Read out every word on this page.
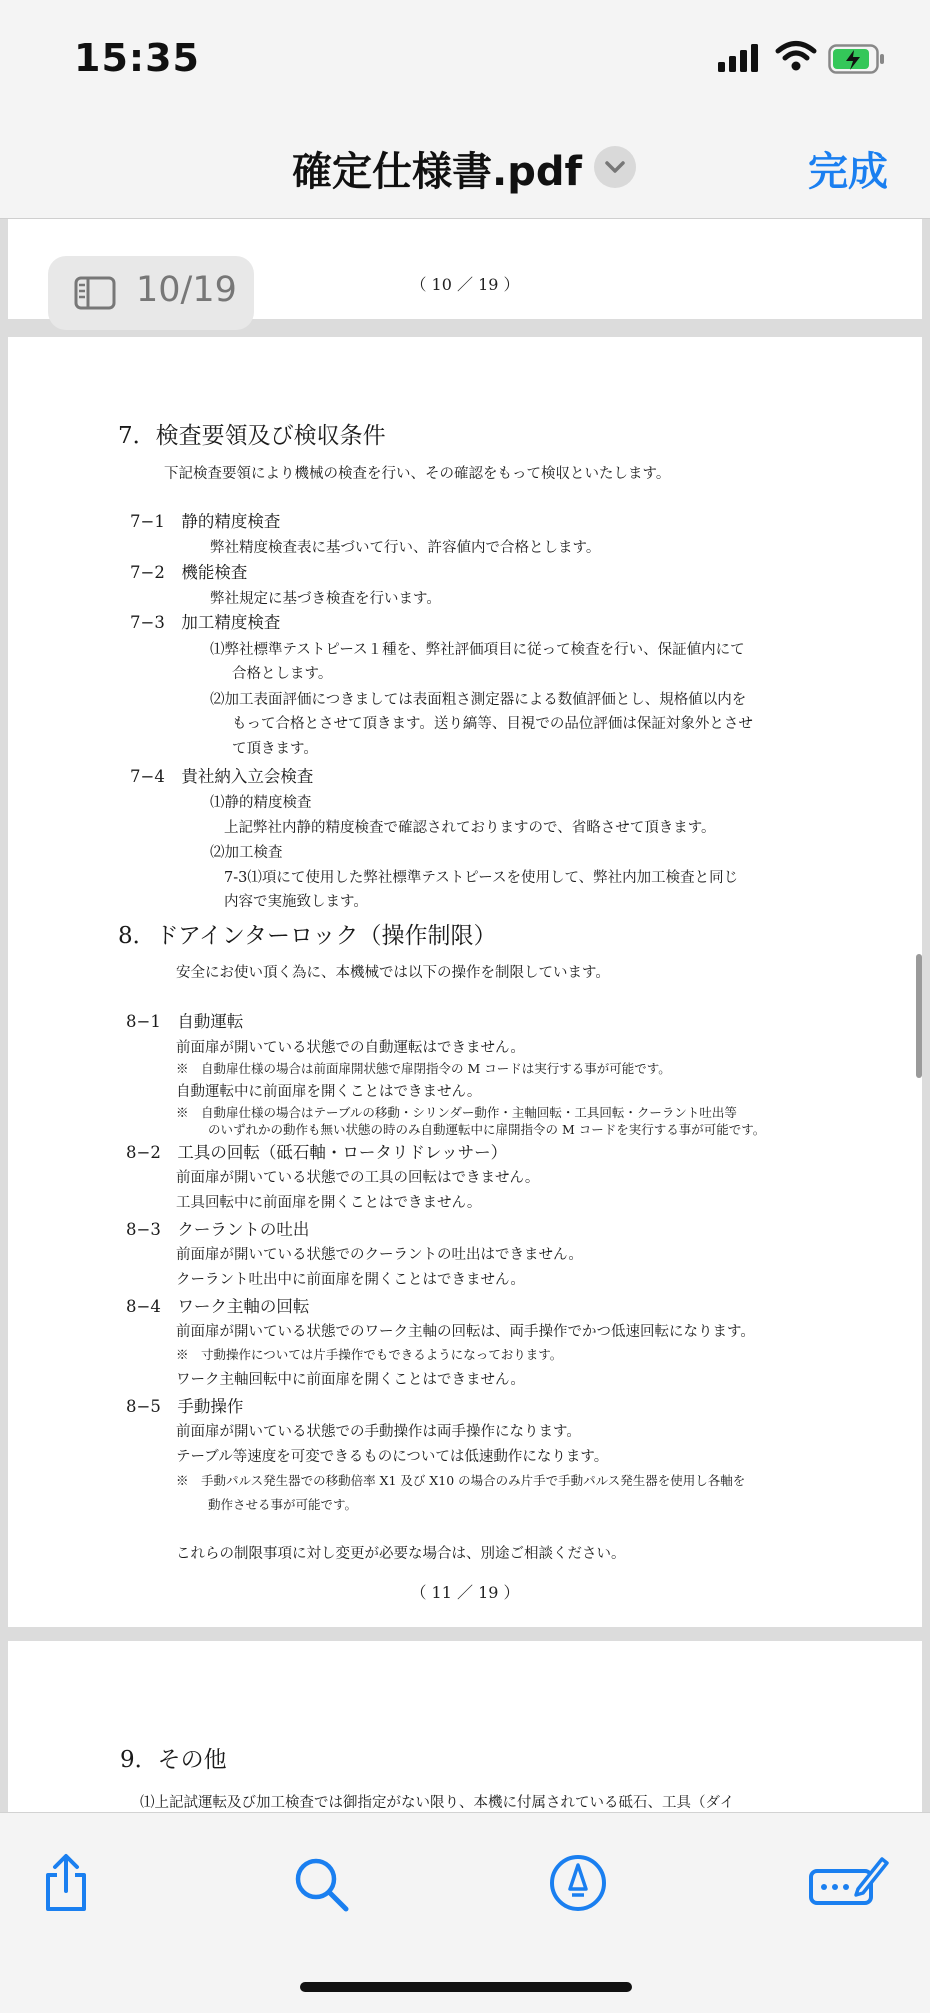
15:35
確定仕様書.pdf	完成
（ 10 ／ 19 ）
7．検査要領及び検収条件
下記検査要領により機械の検査を行い、その確認をもって検収といたします。
7−1　静的精度検査
弊社精度検査表に基づいて行い、許容値内で合格とします。
7−2　機能検査
弊社規定に基づき検査を行います。
7−3　加工精度検査
⑴弊社標準テストピース１種を、弊社評価項目に従って検査を行い、保証値内にて
合格とします。
⑵加工表面評価につきましては表面粗さ測定器による数値評価とし、規格値以内を
もって合格とさせて頂きます。送り縞等、目視での品位評価は保証対象外とさせ
て頂きます。
7−4　貴社納入立会検査
⑴静的精度検査
上記弊社内静的精度検査で確認されておりますので、省略させて頂きます。
⑵加工検査
7-3⑴項にて使用した弊社標準テストピースを使用して、弊社内加工検査と同じ
内容で実施致します。
8．ドアインターロック（操作制限）
安全にお使い頂く為に、本機械では以下の操作を制限しています。
8−1　自動運転
前面扉が開いている状態での自動運転はできません。
※　自動扉仕様の場合は前面扉開状態で扉閉指令の M コードは実行する事が可能です。
自動運転中に前面扉を開くことはできません。
※　自動扉仕様の場合はテーブルの移動・シリンダー動作・主軸回転・工具回転・クーラント吐出等
のいずれかの動作も無い状態の時のみ自動運転中に扉開指令の M コードを実行する事が可能です。
8−2　工具の回転（砥石軸・ロータリドレッサー）
前面扉が開いている状態での工具の回転はできません。
工具回転中に前面扉を開くことはできません。
8−3　クーラントの吐出
前面扉が開いている状態でのクーラントの吐出はできません。
クーラント吐出中に前面扉を開くことはできません。
8−4　ワーク主軸の回転
前面扉が開いている状態でのワーク主軸の回転は、両手操作でかつ低速回転になります。
※　寸動操作については片手操作でもできるようになっております。
ワーク主軸回転中に前面扉を開くことはできません。
8−5　手動操作
前面扉が開いている状態での手動操作は両手操作になります。
テーブル等速度を可変できるものについては低速動作になります。
※　手動パルス発生器での移動倍率 X1 及び X10 の場合のみ片手で手動パルス発生器を使用し各軸を
動作させる事が可能です。
これらの制限事項に対し変更が必要な場合は、別途ご相談ください。
（ 11 ／ 19 ）
9．その他
⑴上記試運転及び加工検査では御指定がない限り、本機に付属されている砥石、工具（ダイ
10/19
